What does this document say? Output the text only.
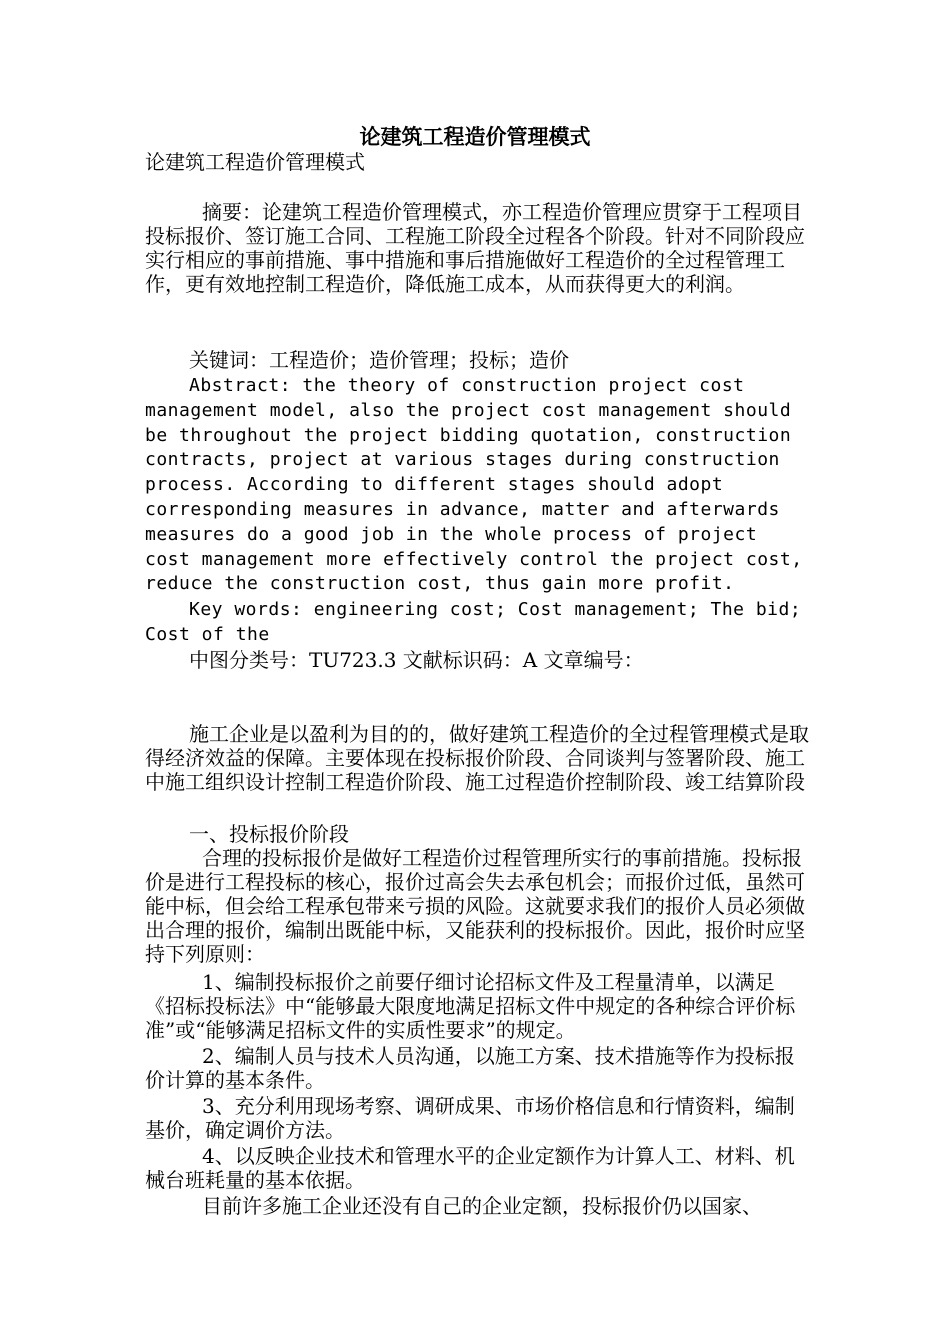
论建筑工程造价管理模式

论建筑工程造价管理模式

摘要：论建筑工程造价管理模式，亦工程造价管理应贯穿于工程项目投标报价、签订施工合同、工程施工阶段全过程各个阶段。针对不同阶段应实行相应的事前措施、事中措施和事后措施做好工程造价的全过程管理工作，更有效地控制工程造价，降低施工成本，从而获得更大的利润。

关键词：工程造价；造价管理；投标；造价

Abstract: the theory of construction project cost management model, also the project cost management should be throughout the project bidding quotation, construction contracts, project at various stages during construction process. According to different stages should adopt corresponding measures in advance, matter and afterwards measures do a good job in the whole process of project cost management more effectively control the project cost, reduce the construction cost, thus gain more profit.

Key words: engineering cost; Cost management; The bid; Cost of the

中图分类号：TU723.3 文献标识码：A 文章编号：

施工企业是以盈利为目的的，做好建筑工程造价的全过程管理模式是取得经济效益的保障。主要体现在投标报价阶段、合同谈判与签署阶段、施工中施工组织设计控制工程造价阶段、施工过程造价控制阶段、竣工结算阶段

一、投标报价阶段

合理的投标报价是做好工程造价过程管理所实行的事前措施。投标报价是进行工程投标的核心，报价过高会失去承包机会；而报价过低，虽然可能中标，但会给工程承包带来亏损的风险。这就要求我们的报价人员必须做出合理的报价，编制出既能中标，又能获利的投标报价。因此，报价时应坚持下列原则：

1、编制投标报价之前要仔细讨论招标文件及工程量清单，以满足《招标投标法》中“能够最大限度地满足招标文件中规定的各种综合评价标准”或“能够满足招标文件的实质性要求”的规定。

2、编制人员与技术人员沟通，以施工方案、技术措施等作为投标报价计算的基本条件。

3、充分利用现场考察、调研成果、市场价格信息和行情资料，编制基价，确定调价方法。

4、以反映企业技术和管理水平的企业定额作为计算人工、材料、机械台班耗量的基本依据。

目前许多施工企业还没有自己的企业定额，投标报价仍以国家、
